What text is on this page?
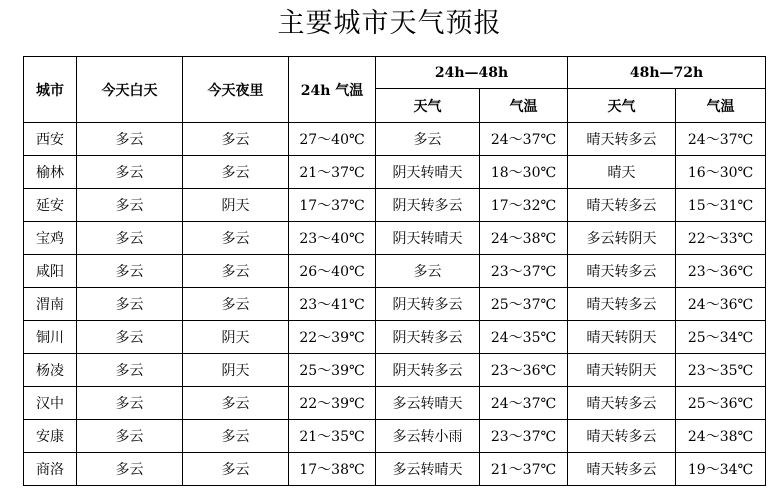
主要城市天气预报
城市	今天白天	今天夜里	24h 气温	24h—48h		48h—72h	
				天气	气温	天气	气温
西安	多云	多云	27～40℃	多云	24～37℃	晴天转多云	24～37℃
榆林	多云	多云	21～37℃	阴天转晴天	18～30℃	晴天	16～30℃
延安	多云	阴天	17～37℃	阴天转多云	17～32℃	晴天转多云	15～31℃
宝鸡	多云	多云	23～40℃	阴天转晴天	24～38℃	多云转阴天	22～33℃
咸阳	多云	多云	26～40℃	多云	23～37℃	晴天转多云	23～36℃
渭南	多云	多云	23～41℃	阴天转多云	25～37℃	晴天转多云	24～36℃
铜川	多云	阴天	22～39℃	阴天转多云	24～35℃	晴天转阴天	25～34℃
杨凌	多云	阴天	25～39℃	阴天转多云	23～36℃	晴天转阴天	23～35℃
汉中	多云	多云	22～39℃	多云转晴天	24～37℃	晴天转多云	25～36℃
安康	多云	多云	21～35℃	多云转小雨	23～37℃	晴天转多云	24～38℃
商洛	多云	多云	17～38℃	多云转晴天	21～37℃	晴天转多云	19～34℃
